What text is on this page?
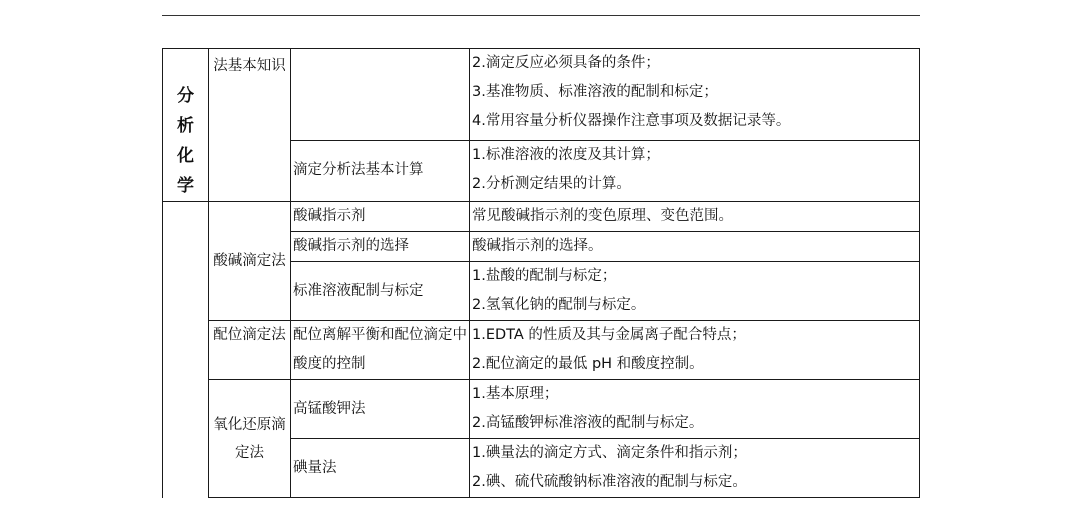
分
析
化
学	法基本知识		2.滴定反应必须具备的条件；
3.基准物质、标准溶液的配制和标定；
4.常用容量分析仪器操作注意事项及数据记录等。

		滴定分析法基本计算	1.标准溶液的浓度及其计算；
2.分析测定结果的计算。

	酸碱滴定法	酸碱指示剂	常见酸碱指示剂的变色原理、变色范围。

		酸碱指示剂的选择	酸碱指示剂的选择。

		标准溶液配制与标定	1.盐酸的配制与标定；
2.氢氧化钠的配制与标定。

	配位滴定法	配位离解平衡和配位滴定中酸度的控制	1.EDTA 的性质及其与金属离子配合特点；
2.配位滴定的最低 pH 和酸度控制。

	氧化还原滴定法	高锰酸钾法	1.基本原理；
2.高锰酸钾标准溶液的配制与标定。

		碘量法	1.碘量法的滴定方式、滴定条件和指示剂；
2.碘、硫代硫酸钠标准溶液的配制与标定。
